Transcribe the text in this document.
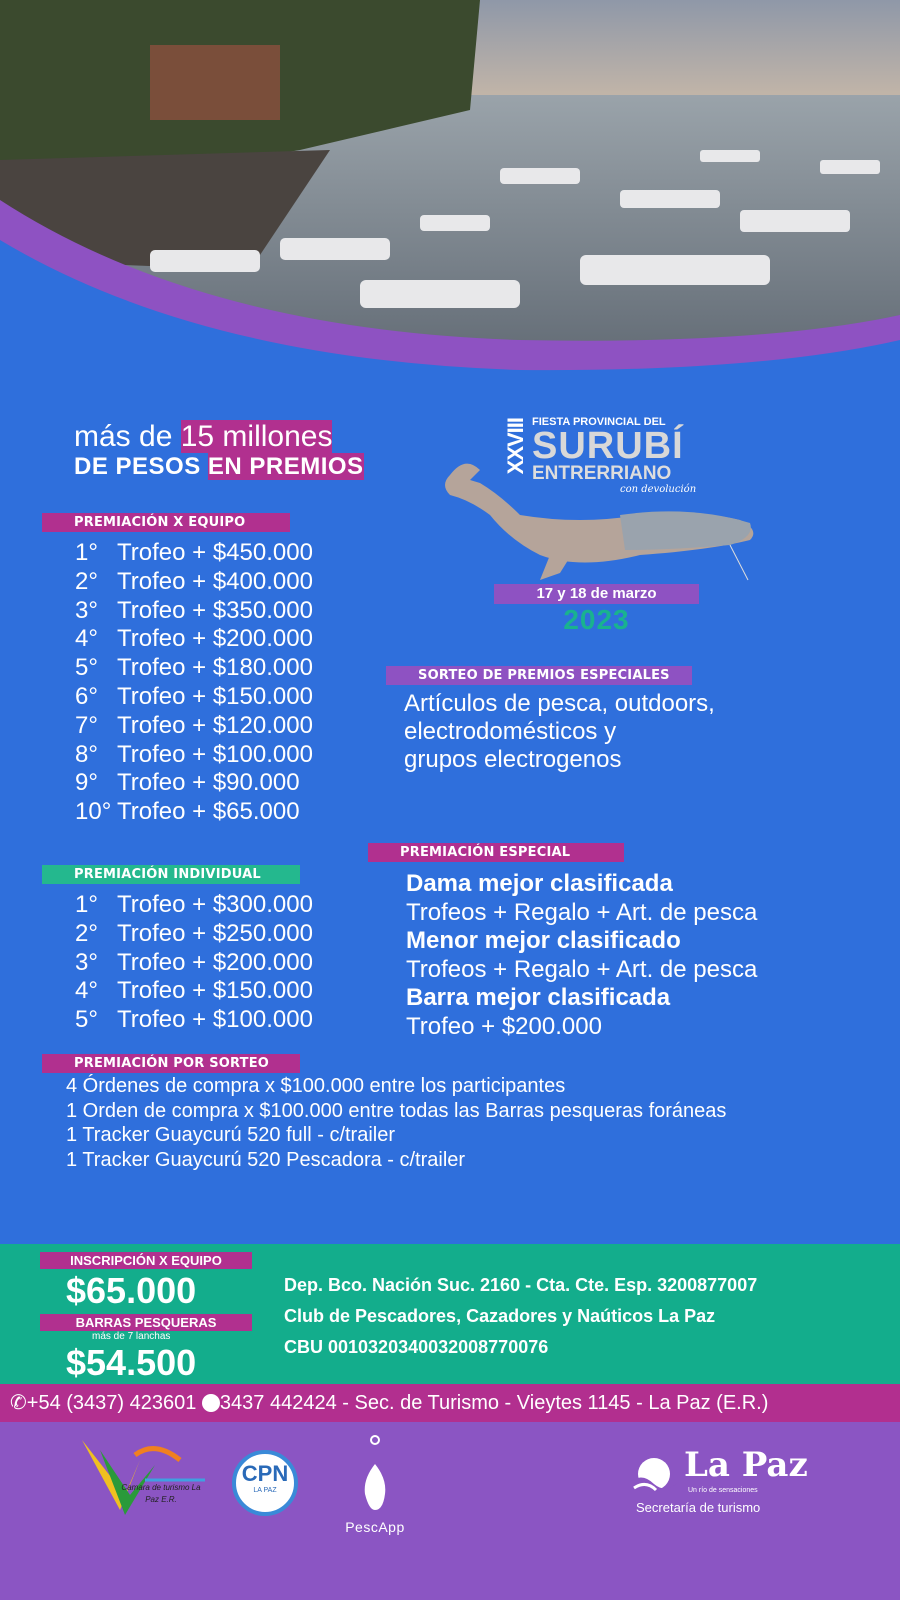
más de 15 millones
DE PESOS EN PREMIOS	XXVIII FIESTA PROVINCIAL DEL
SURUBÍ
ENTRERRIANO
con devolución
17 y 18 de marzo
2023
PREMIACIÓN X EQUIPO
1° Trofeo + $450.000
2° Trofeo + $400.000
3° Trofeo + $350.000
4° Trofeo + $200.000
5° Trofeo + $180.000
6° Trofeo + $150.000
7° Trofeo + $120.000
8° Trofeo + $100.000
9° Trofeo + $90.000
10° Trofeo + $65.000
SORTEO DE PREMIOS ESPECIALES
Artículos de pesca, outdoors,
electrodomésticos y
grupos electrogenos
PREMIACIÓN INDIVIDUAL
1° Trofeo + $300.000
2° Trofeo + $250.000
3° Trofeo + $200.000
4° Trofeo + $150.000
5° Trofeo + $100.000
PREMIACIÓN ESPECIAL
Dama mejor clasificada
Trofeos + Regalo + Art. de pesca
Menor mejor clasificado
Trofeos + Regalo + Art. de pesca
Barra mejor clasificada
Trofeo + $200.000
PREMIACIÓN POR SORTEO
4 Órdenes de compra x $100.000 entre los participantes
1 Orden de compra x $100.000 entre todas las Barras pesqueras foráneas
1 Tracker Guaycurú 520 full - c/trailer
1 Tracker Guaycurú 520 Pescadora - c/trailer
INSCRIPCIÓN X EQUIPO
$65.000
BARRAS PESQUERAS
más de 7 lanchas
$54.500
Dep. Bco. Nación Suc. 2160 - Cta. Cte. Esp. 3200877007
Club de Pescadores, Cazadores y Naúticos La Paz
CBU 0010320340032008770076
✆+54 (3437) 423601 3437 442424 - Sec. de Turismo - Vieytes 1145 - La Paz (E.R.)
Camara de turismo La Paz E.R.
CPN
LA PAZ
PescApp
La Paz
Un río de sensaciones
Secretaría de turismo
